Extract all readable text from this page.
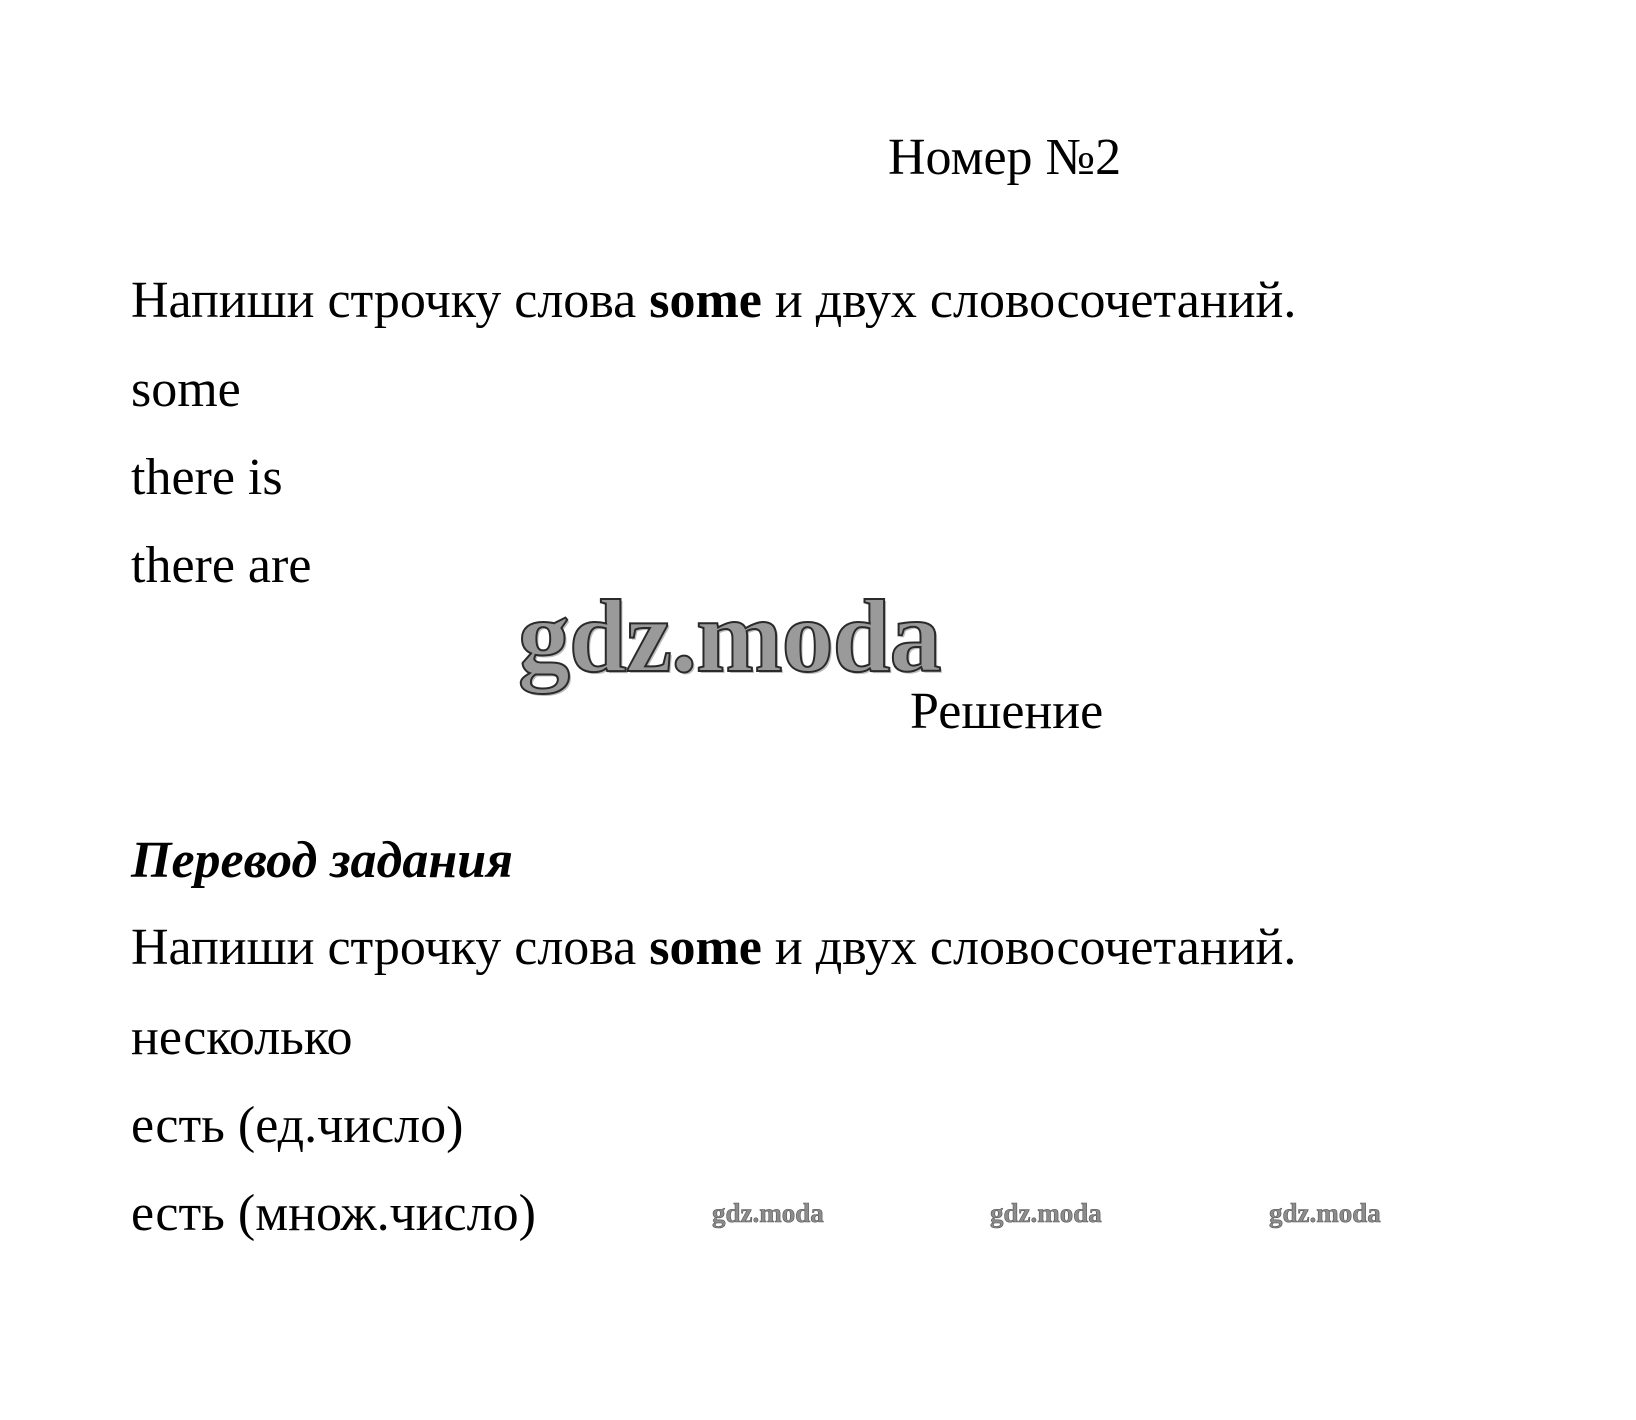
Номер №2
Напиши строчку слова some и двух словосочетаний.
some
there is
there are
gdz.moda
Решение
Перевод задания
Напиши строчку слова some и двух словосочетаний.
несколько
есть (ед.число)
есть (множ.число)	gdz.moda	gdz.moda	gdz.moda
